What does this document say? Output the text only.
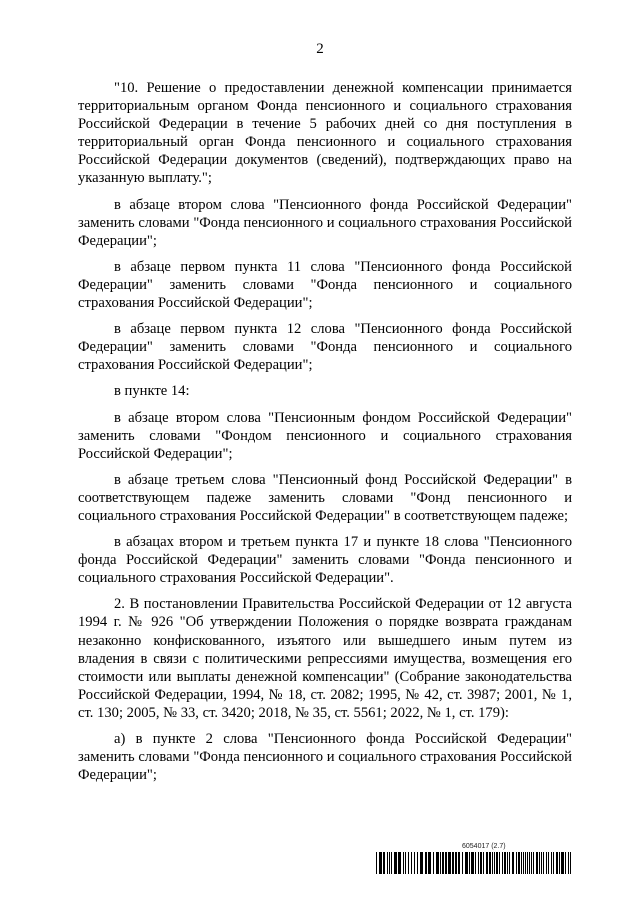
2

"10. Решение о предоставлении денежной компенсации принимается территориальным органом Фонда пенсионного и социального страхования Российской Федерации в течение 5 рабочих дней со дня поступления в территориальный орган Фонда пенсионного и социального страхования Российской Федерации документов (сведений), подтверждающих право на указанную выплату.";

в абзаце втором слова "Пенсионного фонда Российской Федерации" заменить словами "Фонда пенсионного и социального страхования Российской Федерации";

в абзаце первом пункта 11 слова "Пенсионного фонда Российской Федерации" заменить словами "Фонда пенсионного и социального страхования Российской Федерации";

в абзаце первом пункта 12 слова "Пенсионного фонда Российской Федерации" заменить словами "Фонда пенсионного и социального страхования Российской Федерации";

в пункте 14:

в абзаце втором слова "Пенсионным фондом Российской Федерации" заменить словами "Фондом пенсионного и социального страхования Российской Федерации";

в абзаце третьем слова "Пенсионный фонд Российской Федерации" в соответствующем падеже заменить словами "Фонд пенсионного и социального страхования Российской Федерации" в соответствующем падеже;

в абзацах втором и третьем пункта 17 и пункте 18 слова "Пенсионного фонда Российской Федерации" заменить словами "Фонда пенсионного и социального страхования Российской Федерации".

2. В постановлении Правительства Российской Федерации от 12 августа 1994 г. № 926 "Об утверждении Положения о порядке возврата гражданам незаконно конфискованного, изъятого или вышедшего иным путем из владения в связи с политическими репрессиями имущества, возмещения его стоимости или выплаты денежной компенсации" (Собрание законодательства Российской Федерации, 1994, № 18, ст. 2082; 1995, № 42, ст. 3987; 2001, № 1, ст. 130; 2005, № 33, ст. 3420; 2018, № 35, ст. 5561; 2022, № 1, ст. 179):

а) в пункте 2 слова "Пенсионного фонда Российской Федерации" заменить словами "Фонда пенсионного и социального страхования Российской Федерации";

6054017 (2.7)
